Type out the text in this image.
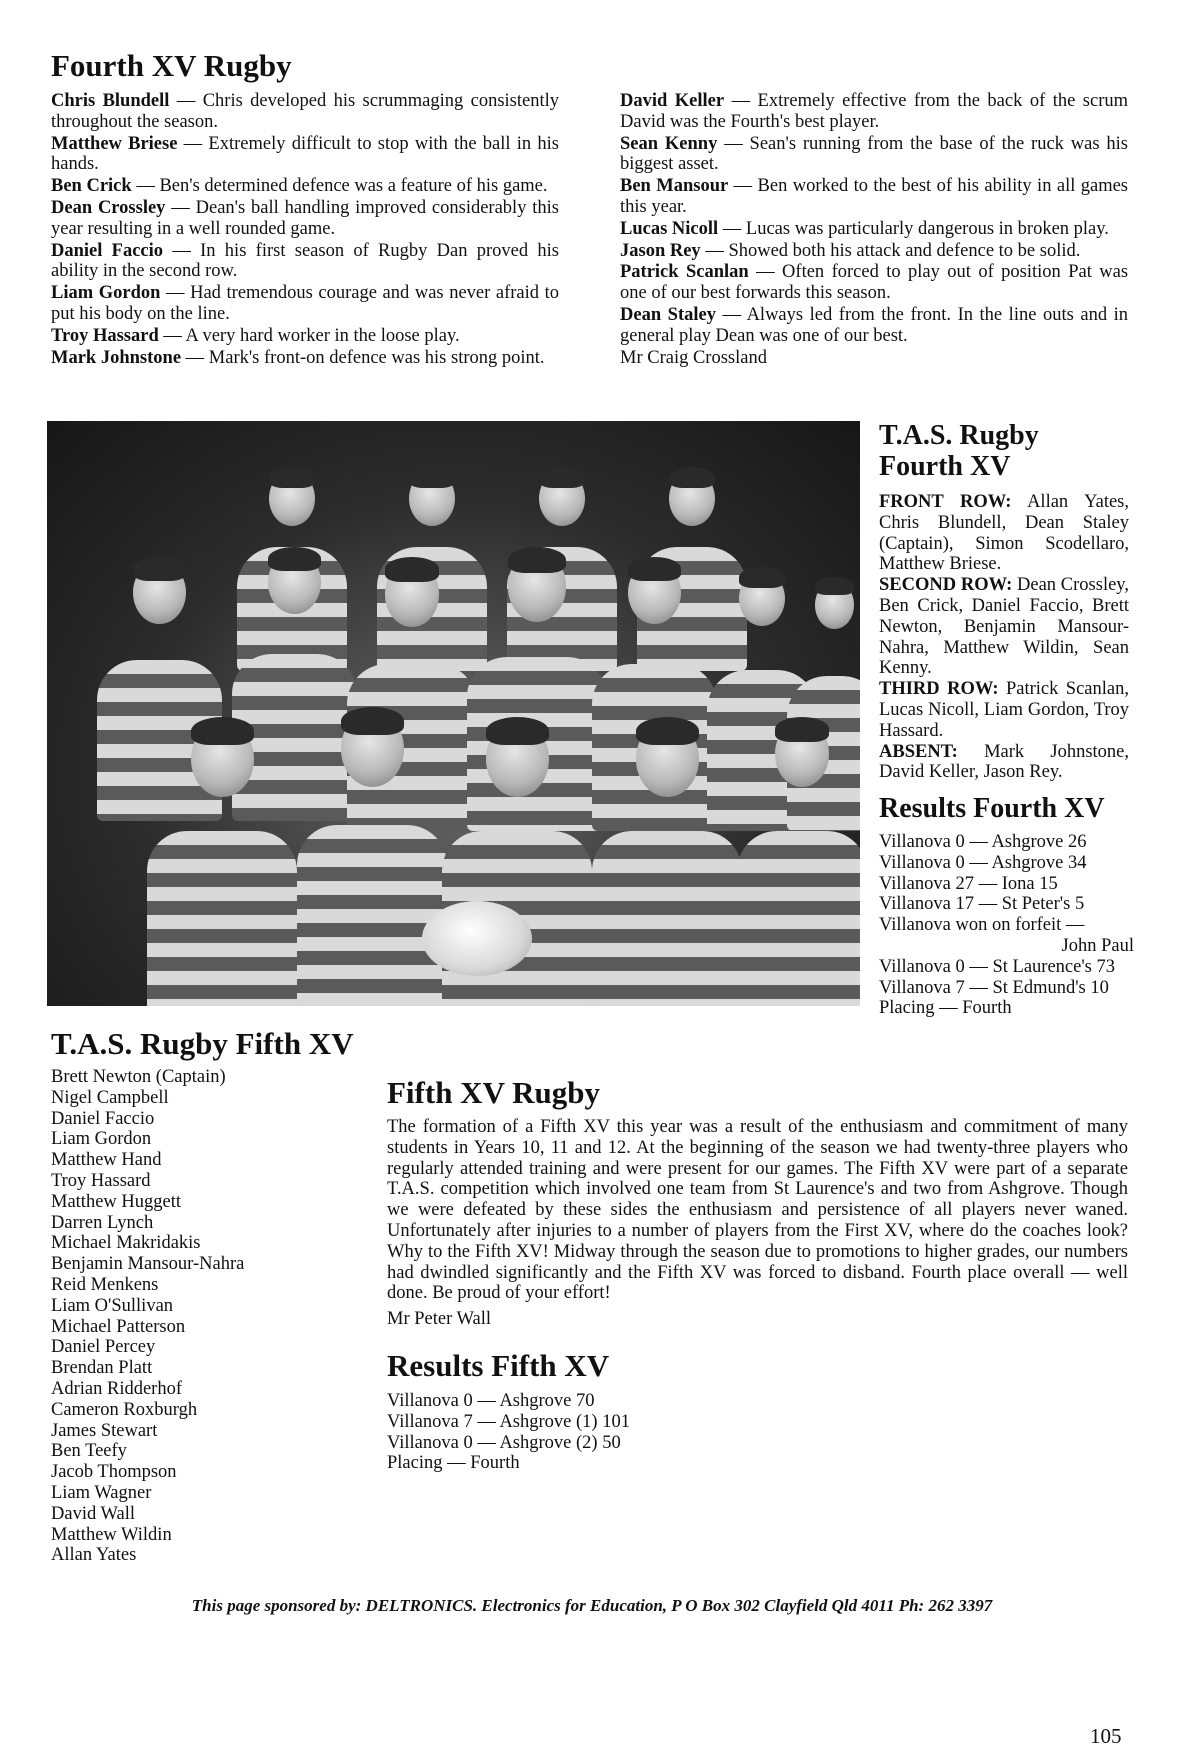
Fourth XV Rugby

Chris Blundell — Chris developed his scrummaging consistently throughout the season.

Matthew Briese — Extremely difficult to stop with the ball in his hands.

Ben Crick — Ben's determined defence was a feature of his game.

Dean Crossley — Dean's ball handling improved considerably this year resulting in a well rounded game.

Daniel Faccio — In his first season of Rugby Dan proved his ability in the second row.

Liam Gordon — Had tremendous courage and was never afraid to put his body on the line.

Troy Hassard — A very hard worker in the loose play.

Mark Johnstone — Mark's front-on defence was his strong point.

David Keller — Extremely effective from the back of the scrum David was the Fourth's best player.

Sean Kenny — Sean's running from the base of the ruck was his biggest asset.

Ben Mansour — Ben worked to the best of his ability in all games this year.

Lucas Nicoll — Lucas was particularly dangerous in broken play.

Jason Rey — Showed both his attack and defence to be solid.

Patrick Scanlan — Often forced to play out of position Pat was one of our best forwards this season.

Dean Staley — Always led from the front. In the line outs and in general play Dean was one of our best.

Mr Craig Crossland
T.A.S. Rugby
Fourth XV
FRONT ROW: Allan Yates, Chris Blundell, Dean Staley (Captain), Simon Scodellaro, Matthew Briese.
SECOND ROW: Dean Crossley, Ben Crick, Daniel Faccio, Brett Newton, Benjamin Mansour-Nahra, Matthew Wildin, Sean Kenny.
THIRD ROW: Patrick Scanlan, Lucas Nicoll, Liam Gordon, Troy Hassard.
ABSENT: Mark Johnstone, David Keller, Jason Rey.
Results Fourth XV
Villanova 0 — Ashgrove 26
Villanova 0 — Ashgrove 34
Villanova 27 — Iona 15
Villanova 17 — St Peter's 5
Villanova won on forfeit —
John Paul
Villanova 0 — St Laurence's 73
Villanova 7 — St Edmund's 10
Placing — Fourth
T.A.S. Rugby Fifth XV
Brett Newton (Captain)
Nigel Campbell
Daniel Faccio
Liam Gordon
Matthew Hand
Troy Hassard
Matthew Huggett
Darren Lynch
Michael Makridakis
Benjamin Mansour-Nahra
Reid Menkens
Liam O'Sullivan
Michael Patterson
Daniel Percey
Brendan Platt
Adrian Ridderhof
Cameron Roxburgh
James Stewart
Ben Teefy
Jacob Thompson
Liam Wagner
David Wall
Matthew Wildin
Allan Yates
Fifth XV Rugby

The formation of a Fifth XV this year was a result of the enthusiasm and commitment of many students in Years 10, 11 and 12. At the beginning of the season we had twenty-three players who regularly attended training and were present for our games. The Fifth XV were part of a separate T.A.S. competition which involved one team from St Laurence's and two from Ashgrove. Though we were defeated by these sides the enthusiasm and persistence of all players never waned. Unfortunately after injuries to a number of players from the First XV, where do the coaches look? Why to the Fifth XV! Midway through the season due to promotions to higher grades, our numbers had dwindled significantly and the Fifth XV was forced to disband. Fourth place overall — well done. Be proud of your effort!

Mr Peter Wall
Results Fifth XV
Villanova 0 — Ashgrove 70
Villanova 7 — Ashgrove (1) 101
Villanova 0 — Ashgrove (2) 50
Placing — Fourth
This page sponsored by: DELTRONICS. Electronics for Education, P O Box 302 Clayfield Qld 4011 Ph: 262 3397
105
